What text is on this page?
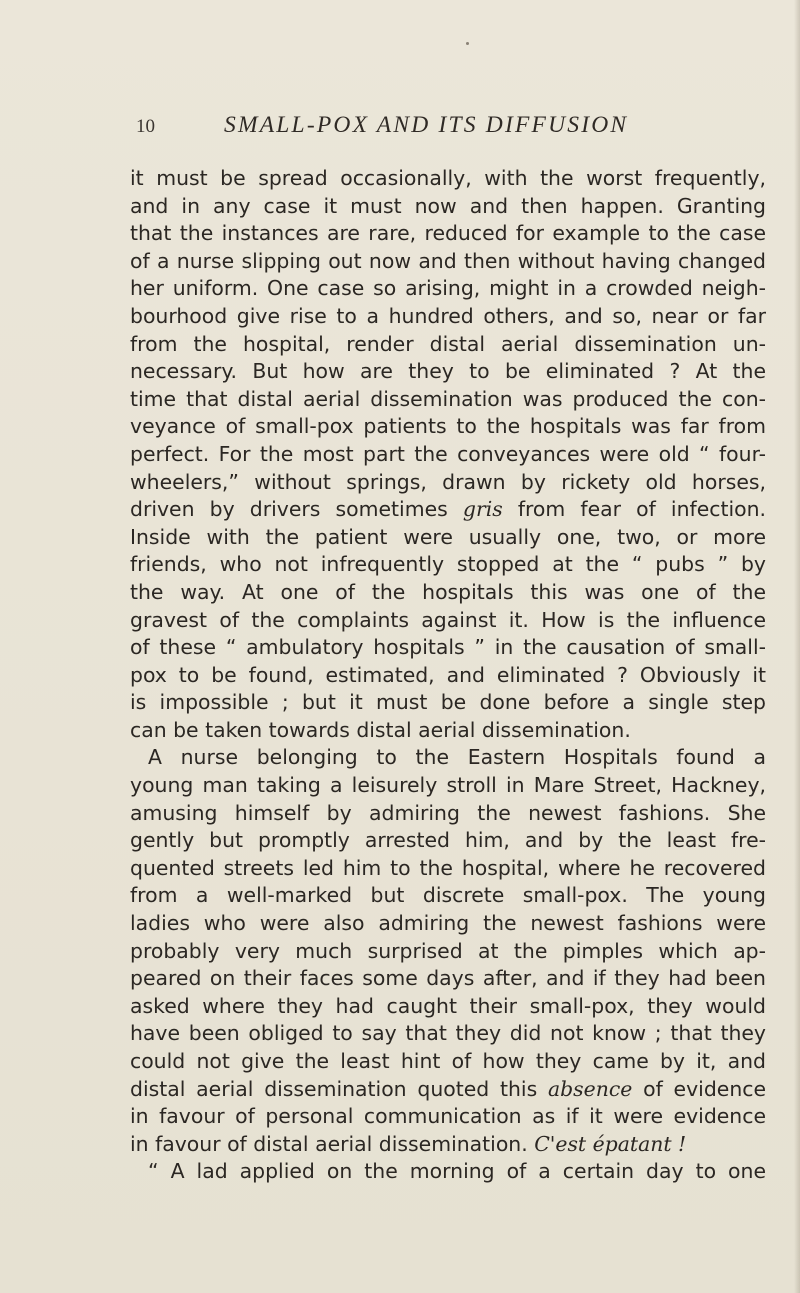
10	SMALL-POX AND ITS DIFFUSION
it must be spread occasionally, with the worst frequently,
and in any case it must now and then happen. Granting
that the instances are rare, reduced for example to the case
of a nurse slipping out now and then without having changed
her uniform. One case so arising, might in a crowded neigh-
bourhood give rise to a hundred others, and so, near or far
from the hospital, render distal aerial dissemination un-
necessary. But how are they to be eliminated ? At the
time that distal aerial dissemination was produced the con-
veyance of small-pox patients to the hospitals was far from
perfect. For the most part the conveyances were old “ four-
wheelers,” without springs, drawn by rickety old horses,
driven by drivers sometimes gris from fear of infection.
Inside with the patient were usually one, two, or more
friends, who not infrequently stopped at the “ pubs ” by
the way. At one of the hospitals this was one of the
gravest of the complaints against it. How is the influence
of these “ ambulatory hospitals ” in the causation of small-
pox to be found, estimated, and eliminated ? Obviously it
is impossible ; but it must be done before a single step
can be taken towards distal aerial dissemination.
A nurse belonging to the Eastern Hospitals found a
young man taking a leisurely stroll in Mare Street, Hackney,
amusing himself by admiring the newest fashions. She
gently but promptly arrested him, and by the least fre-
quented streets led him to the hospital, where he recovered
from a well-marked but discrete small-pox. The young
ladies who were also admiring the newest fashions were
probably very much surprised at the pimples which ap-
peared on their faces some days after, and if they had been
asked where they had caught their small-pox, they would
have been obliged to say that they did not know ; that they
could not give the least hint of how they came by it, and
distal aerial dissemination quoted this absence of evidence
in favour of personal communication as if it were evidence
in favour of distal aerial dissemination. C'est épatant !
“ A lad applied on the morning of a certain day to one
